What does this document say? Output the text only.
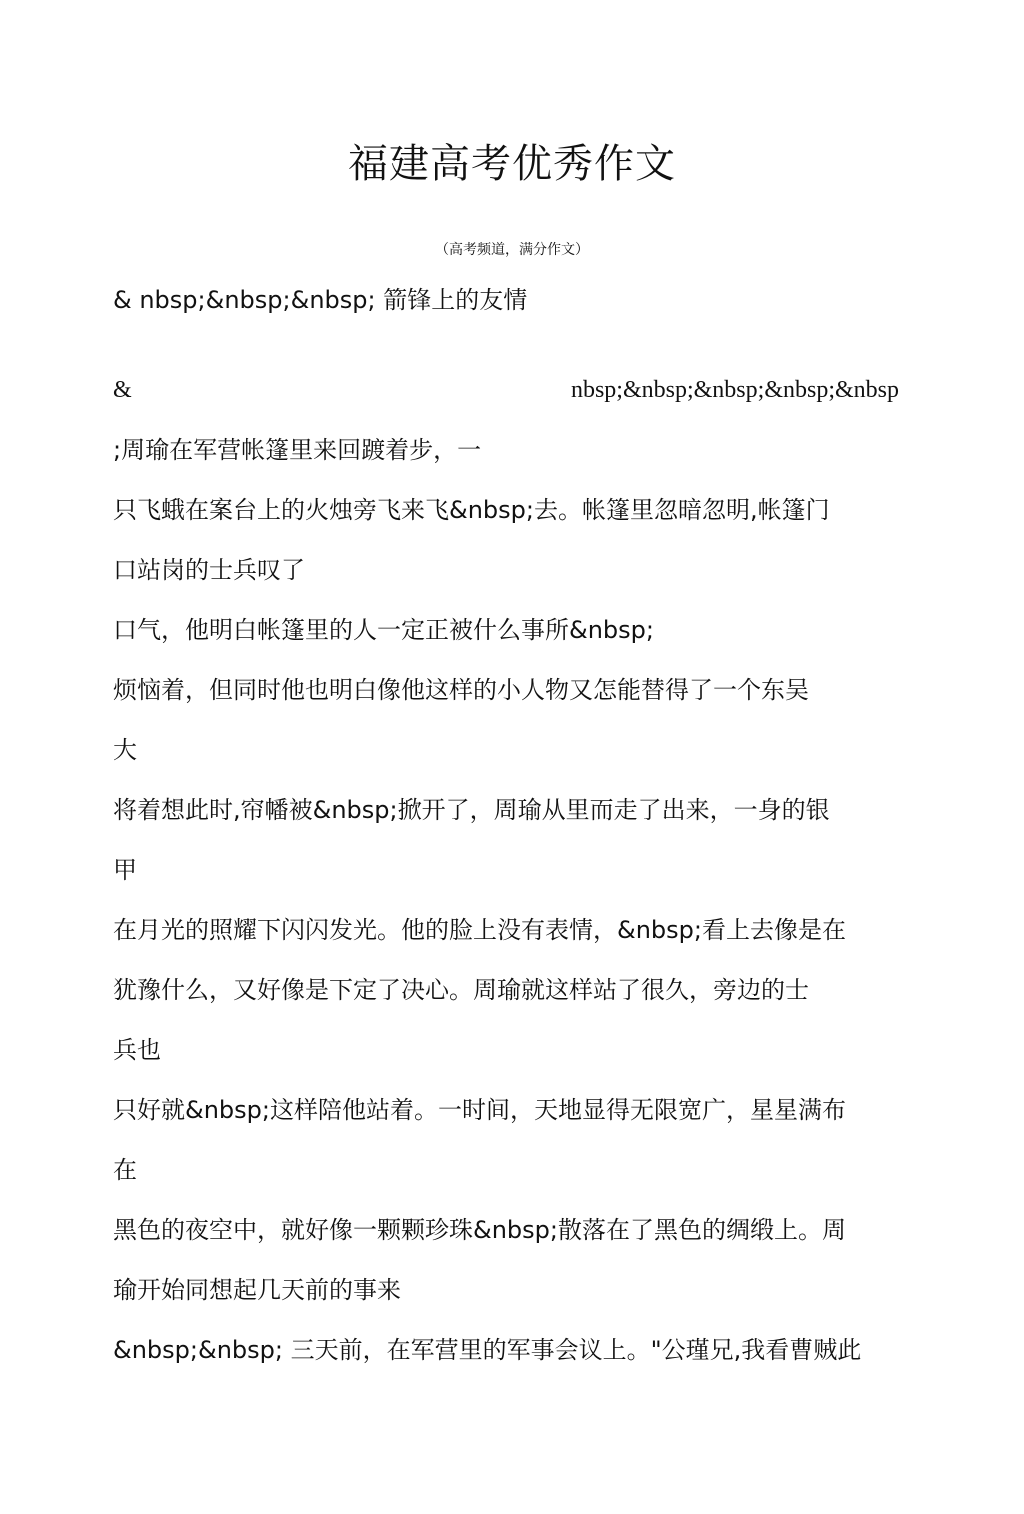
福建高考优秀作文
（高考频道，满分作文）
& nbsp;&nbsp;&nbsp; 箭锋上的友情
&	nbsp;&nbsp;&nbsp;&nbsp;&nbsp
;周瑜在军营帐篷里来回踱着步，一
只飞蛾在案台上的火烛旁飞来飞&nbsp;去。帐篷里忽暗忽明,帐篷门
口站岗的士兵叹了
口气，他明白帐篷里的人一定正被什么事所&nbsp;
烦恼着，但同时他也明白像他这样的小人物又怎能替得了一个东吴
大
将着想此时,帘幡被&nbsp;掀开了，周瑜从里而走了出来，一身的银
甲
在月光的照耀下闪闪发光。他的脸上没有表情，&nbsp;看上去像是在
犹豫什么，又好像是下定了决心。周瑜就这样站了很久，旁边的士
兵也
只好就&nbsp;这样陪他站着。一时间，天地显得无限宽广，星星满布
在
黑色的夜空中，就好像一颗颗珍珠&nbsp;散落在了黑色的绸缎上。周
瑜开始同想起几天前的事来
&nbsp;&nbsp; 三天前，在军营里的军事会议上。"公瑾兄,我看曹贼此
